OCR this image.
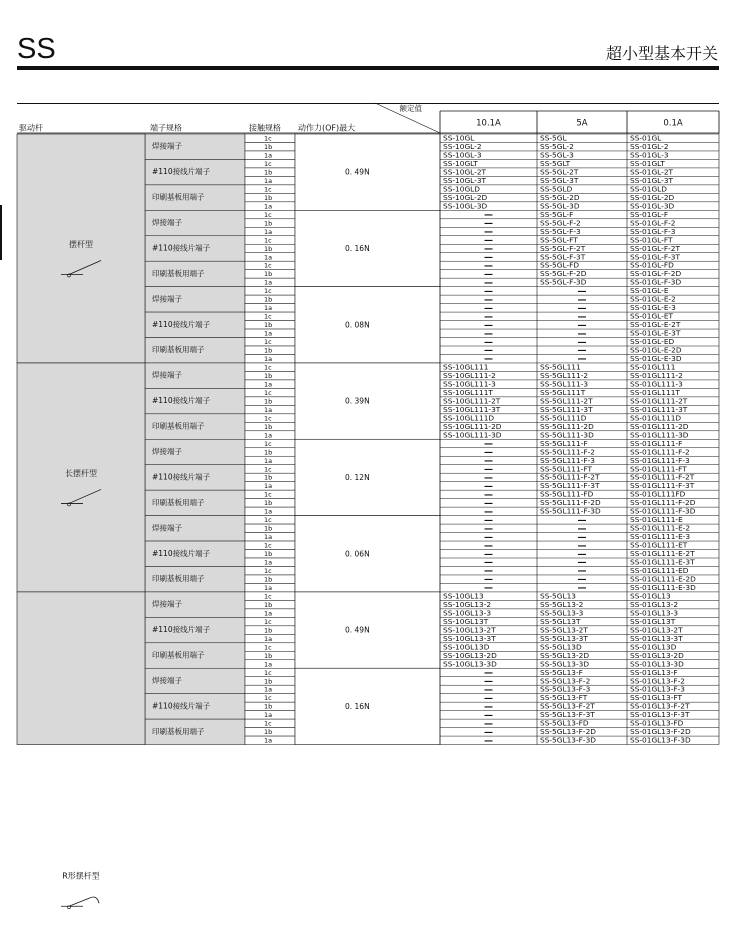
SS	超小型基本开关
驱动杆	端子规格	接触规格 动作力(OF)最大
额定值
10.1A	5A	0.1A
焊接端子
1c	SS-10GL	SS-5GL	SS-01GL
1b	SS-10GL-2	SS-5GL-2	SS-01GL-2
1a	SS-10GL-3	SS-5GL-3	SS-01GL-3
#110接线片端子
1c	SS-10GLT	SS-5GLT	SS-01GLT
1b	SS-10GL-2T	SS-5GL-2T	SS-01GL-2T
1a	SS-10GL-3T	SS-5GL-3T	SS-01GL-3T
印刷基板用端子
1c	SS-10GLD	SS-5GLD	SS-01GLD
1b	SS-10GL-2D	SS-5GL-2D	SS-01GL-2D
1a	SS-10GL-3D	SS-5GL-3D	SS-01GL-3D
0. 49N
焊接端子
1c	—	SS-5GL-F	SS-01GL-F
1b	—	SS-5GL-F-2	SS-01GL-F-2
1a	—	SS-5GL-F-3	SS-01GL-F-3
#110接线片端子
1c	—	SS-5GL-FT	SS-01GL-FT
1b	—	SS-5GL-F-2T	SS-01GL-F-2T
1a	—	SS-5GL-F-3T	SS-01GL-F-3T
印刷基板用端子
1c	—	SS-5GL-FD	SS-01GL-FD
1b	—	SS-5GL-F-2D	SS-01GL-F-2D
1a	—	SS-5GL-F-3D	SS-01GL-F-3D
0. 16N
焊接端子
1c	—	—	SS-01GL-E
1b	—	—	SS-01GL-E-2
1a	—	—	SS-01GL-E-3
#110接线片端子
1c	—	—	SS-01GL-ET
1b	—	—	SS-01GL-E-2T
1a	—	—	SS-01GL-E-3T
印刷基板用端子
1c	—	—	SS-01GL-ED
1b	—	—	SS-01GL-E-2D
1a	—	—	SS-01GL-E-3D
0. 08N
摆杆型
焊接端子
1c	SS-10GL111	SS-5GL111	SS-01GL111
1b	SS-10GL111-2	SS-5GL111-2	SS-01GL111-2
1a	SS-10GL111-3	SS-5GL111-3	SS-01GL111-3
#110接线片端子
1c	SS-10GL111T	SS-5GL111T	SS-01GL111T
1b	SS-10GL111-2T	SS-5GL111-2T	SS-01GL111-2T
1a	SS-10GL111-3T	SS-5GL111-3T	SS-01GL111-3T
印刷基板用端子
1c	SS-10GL111D	SS-5GL111D	SS-01GL111D
1b	SS-10GL111-2D	SS-5GL111-2D	SS-01GL111-2D
1a	SS-10GL111-3D	SS-5GL111-3D	SS-01GL111-3D
0. 39N
焊接端子
1c	—	SS-5GL111-F	SS-01GL111-F
1b	—	SS-5GL111-F-2	SS-01GL111-F-2
1a	—	SS-5GL111-F-3	SS-01GL111-F-3
#110接线片端子
1c	—	SS-5GL111-FT	SS-01GL111-FT
1b	—	SS-5GL111-F-2T	SS-01GL111-F-2T
1a	—	SS-5GL111-F-3T	SS-01GL111-F-3T
印刷基板用端子
1c	—	SS-5GL111-FD	SS-01GL111FD
1b	—	SS-5GL111-F-2D	SS-01GL111-F-2D
1a	—	SS-5GL111-F-3D	SS-01GL111-F-3D
0. 12N
焊接端子
1c	—	—	SS-01GL111-E
1b	—	—	SS-01GL111-E-2
1a	—	—	SS-01GL111-E-3
#110接线片端子
1c	—	—	SS-01GL111-ET
1b	—	—	SS-01GL111-E-2T
1a	—	—	SS-01GL111-E-3T
印刷基板用端子
1c	—	—	SS-01GL111-ED
1b	—	—	SS-01GL111-E-2D
1a	—	—	SS-01GL111-E-3D
0. 06N
长摆杆型
焊接端子
1c	SS-10GL13	SS-5GL13	SS-01GL13
1b	SS-10GL13-2	SS-5GL13-2	SS-01GL13-2
1a	SS-10GL13-3	SS-5GL13-3	SS-01GL13-3
#110接线片端子
1c	SS-10GL13T	SS-5GL13T	SS-01GL13T
1b	SS-10GL13-2T	SS-5GL13-2T	SS-01GL13-2T
1a	SS-10GL13-3T	SS-5GL13-3T	SS-01GL13-3T
印刷基板用端子
1c	SS-10GL13D	SS-5GL13D	SS-01GL13D
1b	SS-10GL13-2D	SS-5GL13-2D	SS-01GL13-2D
1a	SS-10GL13-3D	SS-5GL13-3D	SS-01GL13-3D
0. 49N
焊接端子
1c	—	SS-5GL13-F	SS-01GL13-F
1b	—	SS-5GL13-F-2	SS-01GL13-F-2
1a	—	SS-5GL13-F-3	SS-01GL13-F-3
#110接线片端子
1c	—	SS-5GL13-FT	SS-01GL13-FT
1b	—	SS-5GL13-F-2T	SS-01GL13-F-2T
1a	—	SS-5GL13-F-3T	SS-01GL13-F-3T
印刷基板用端子
1c	—	SS-5GL13-FD	SS-01GL13-FD
1b	—	SS-5GL13-F-2D	SS-01GL13-F-2D
1a	—	SS-5GL13-F-3D	SS-01GL13-F-3D
0. 16N
R形摆杆型
